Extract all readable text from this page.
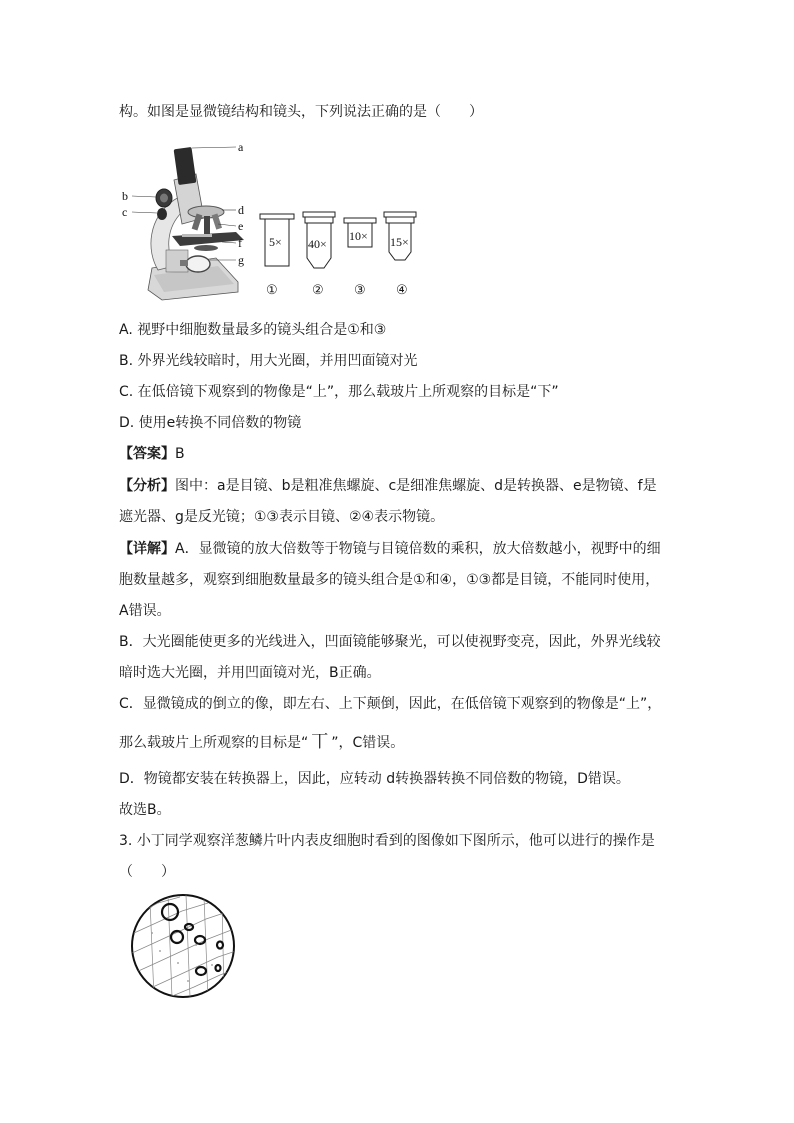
构。如图是显微镜结构和镜头，下列说法正确的是（　　）
a
b
c	d
e
f
g
5× 40×
10× 15×
①	② ③ ④
A. 视野中细胞数量最多的镜头组合是①和③
B. 外界光线较暗时，用大光圈，并用凹面镜对光
C. 在低倍镜下观察到的物像是“上”，那么载玻片上所观察的目标是“下”
D. 使用e转换不同倍数的物镜
【答案】B
【分析】图中：a是目镜、b是粗准焦螺旋、c是细准焦螺旋、d是转换器、e是物镜、f是
遮光器、g是反光镜；①③表示目镜、②④表示物镜。
【详解】A．显微镜的放大倍数等于物镜与目镜倍数的乘积，放大倍数越小，视野中的细
胞数量越多，观察到细胞数量最多的镜头组合是①和④，①③都是目镜，不能同时使用，
A错误。
B．大光圈能使更多的光线进入，凹面镜能够聚光，可以使视野变亮，因此，外界光线较
暗时选大光圈，并用凹面镜对光，B正确。
C．显微镜成的倒立的像，即左右、上下颠倒，因此，在低倍镜下观察到的物像是“上”，
那么载玻片上所观察的目标是“ 丅 ”，C错误。
D．物镜都安装在转换器上，因此，应转动 d转换器转换不同倍数的物镜，D错误。
故选B。
3. 小丁同学观察洋葱鳞片叶内表皮细胞时看到的图像如下图所示，他可以进行的操作是
（　　）
